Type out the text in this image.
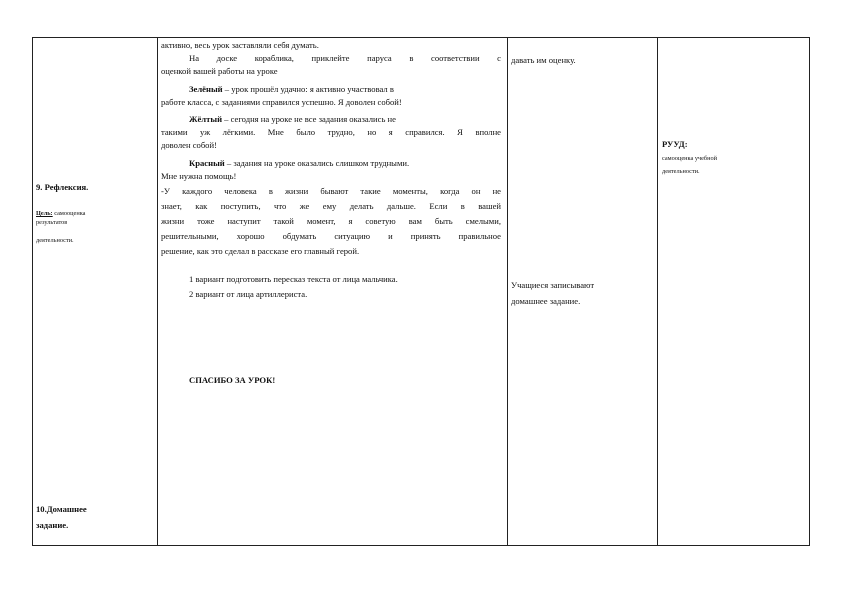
9. Рефлексия.
Цель: самооценка
результатов
деятельности.
10.Домашнее
задание.
активно, весь урок заставляли себя думать.
На доске кораблика, приклейте паруса в соответствии с
оценкой вашей работы на уроке
Зелёный – урок прошёл удачно: я активно участвовал в
работе класса, с заданиями справился успешно. Я доволен собой!
Жёлтый – сегодня на уроке не все задания оказались не
такими уж лёгкими. Мне было трудно, но я справился. Я вполне
доволен собой!
Красный – задания на уроке оказались слишком трудными.
Мне нужна помощь!
-У каждого человека в жизни бывают такие моменты, когда он не
знает, как поступить, что же ему делать дальше. Если в вашей
жизни тоже наступит такой момент, я советую вам быть смелыми,
решительными, хорошо обдумать ситуацию и принять правильное
решение, как это сделал в рассказе его главный герой.
1 вариант подготовить пересказ текста от лица мальчика.
2 вариант от лица артиллериста.
СПАСИБО ЗА УРОК!
давать им оценку.
Учащиеся записывают
домашнее задание.
РУУД:
самооценка учебной
деятельности.
